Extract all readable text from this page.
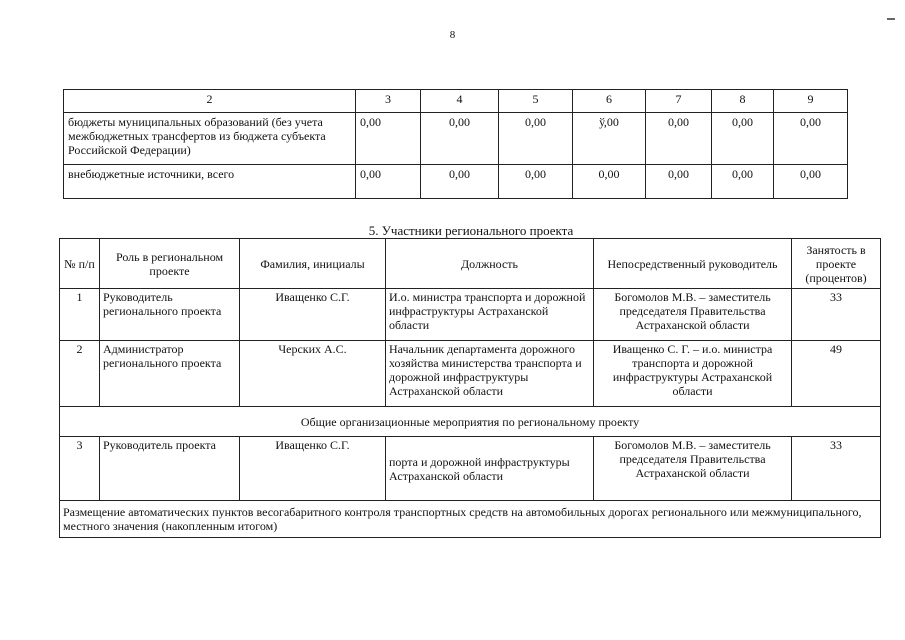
8
2	3	4	5	6	7	8	9
бюджеты муниципальных образований (без учета межбюджетных трансфертов из бюджета субъекта Российской Федерации)	0,00	0,00	0,00	ў,00	0,00	0,00	0,00
внебюджетные источники, всего	0,00	0,00	0,00	0,00	0,00	0,00	0,00
5. Участники регионального проекта
№ п/п	Роль в региональном проекте	Фамилия, инициалы	Должность	Непосредственный руководитель	Занятость в проекте (процентов)
1	Руководитель регионального проекта	Иващенко С.Г.	И.о. министра транспорта и дорожной инфраструктуры Астраханской области	Богомолов М.В. – заместитель председателя Правительства Астраханской области	33
2	Администратор регионального проекта	Черских А.С.	Начальник департамента дорожного хозяйства министерства транспорта и дорожной инфраструктуры Астраханской области	Иващенко С. Г. – и.о. министра транспорта и дорожной инфраструктуры Астраханской области	49
Общие организационные мероприятия по региональному проекту					
3	Руководитель проекта	Иващенко С.Г.	порта и дорожной инфраструктуры Астраханской области	Богомолов М.В. – заместитель председателя Правительства Астраханской области	33
Размещение автоматических пунктов весогабаритного контроля транспортных средств на автомобильных дорогах регионального или межмуниципального, местного значения (накопленным итогом)					
